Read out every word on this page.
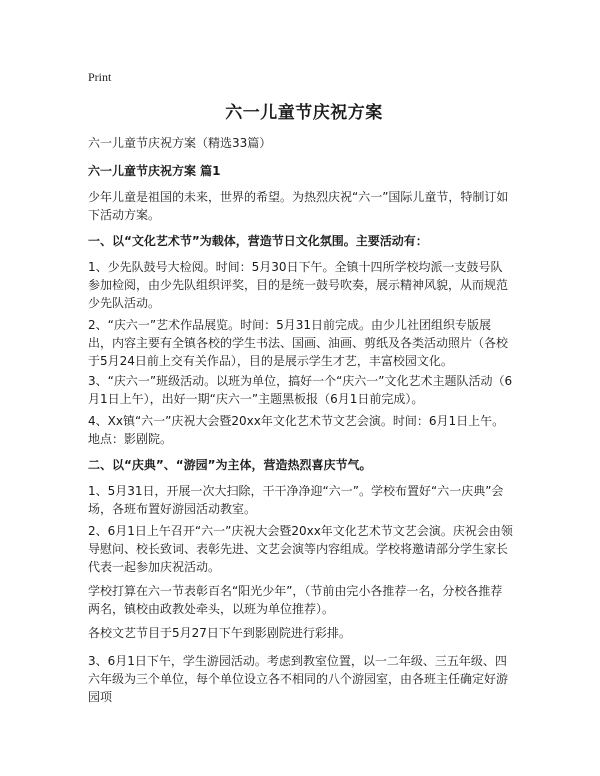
Print
六一儿童节庆祝方案

六一儿童节庆祝方案（精选33篇）

六一儿童节庆祝方案 篇1

少年儿童是祖国的未来，世界的希望。为热烈庆祝“六一”国际儿童节，特制订如下活动方案。

一、以“文化艺术节”为载体，营造节日文化氛围。主要活动有：

1、少先队鼓号大检阅。时间：5月30日下午。全镇十四所学校均派一支鼓号队参加检阅，由少先队组织评奖，目的是统一鼓号吹奏，展示精神风貌，从而规范少先队活动。

2、“庆六一”艺术作品展览。时间：5月31日前完成。由少儿社团组织专版展出，内容主要有全镇各校的学生书法、国画、油画、剪纸及各类活动照片（各校于5月24日前上交有关作品），目的是展示学生才艺，丰富校园文化。

3、“庆六一”班级活动。以班为单位，搞好一个“庆六一”文化艺术主题队活动（6月1日上午），出好一期“庆六一”主题黑板报（6月1日前完成）。

4、Xx镇“六一”庆祝大会暨20xx年文化艺术节文艺会演。时间：6月1日上午。地点：影剧院。

二、以“庆典”、“游园”为主体，营造热烈喜庆节气。

1、5月31日，开展一次大扫除，干干净净迎“六一”。学校布置好“六一庆典”会场，各班布置好游园活动教室。

2、6月1日上午召开“六一”庆祝大会暨20xx年文化艺术节文艺会演。庆祝会由领导慰问、校长致词、表彰先进、文艺会演等内容组成。学校将邀请部分学生家长代表一起参加庆祝活动。

学校打算在六一节表彰百名“阳光少年”，（节前由完小各推荐一名，分校各推荐两名，镇校由政教处牵头，以班为单位推荐）。

各校文艺节目于5月27日下午到影剧院进行彩排。

3、6月1日下午，学生游园活动。考虑到教室位置，以一二年级、三五年级、四六年级为三个单位，每个单位设立各不相同的八个游园室，由各班主任确定好游园项
